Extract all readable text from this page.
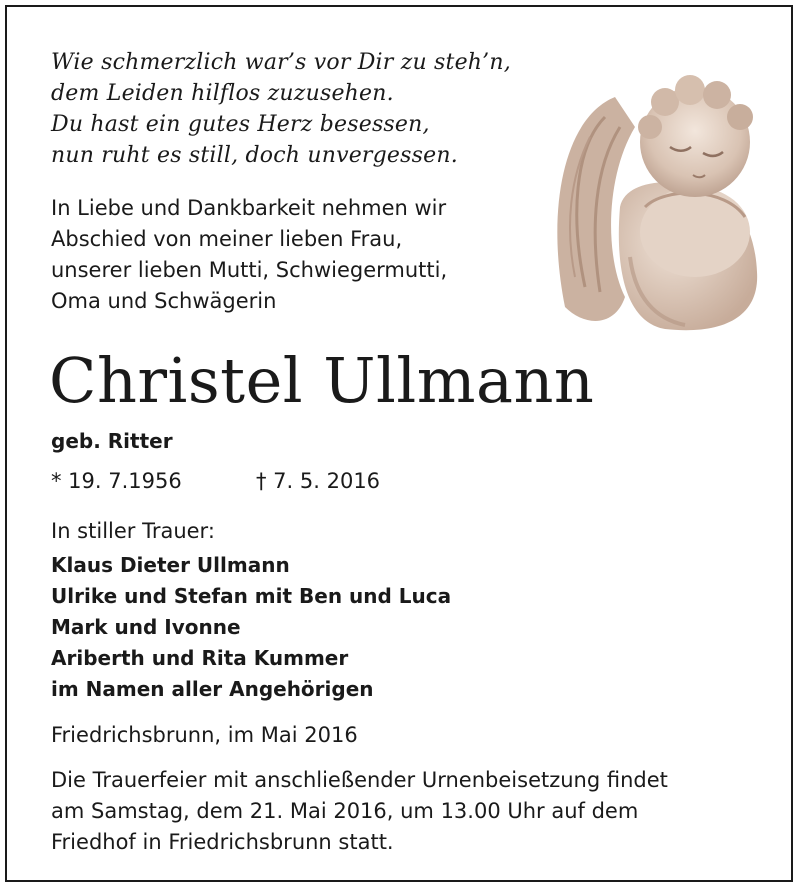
Wie schmerzlich war’s vor Dir zu steh’n,
dem Leiden hilflos zuzusehen.
Du hast ein gutes Herz besessen,
nun ruht es still, doch unvergessen.
In Liebe und Dankbarkeit nehmen wir
Abschied von meiner lieben Frau,
unserer lieben Mutti, Schwiegermutti,
Oma und Schwägerin
Christel Ullmann
geb. Ritter
* 19. 7.1956	† 7. 5. 2016
In stiller Trauer:
Klaus Dieter Ullmann
Ulrike und Stefan mit Ben und Luca
Mark und Ivonne
Ariberth und Rita Kummer
im Namen aller Angehörigen
Friedrichsbrunn, im Mai 2016
Die Trauerfeier mit anschließender Urnenbeisetzung findet
am Samstag, dem 21. Mai 2016, um 13.00 Uhr auf dem
Friedhof in Friedrichsbrunn statt.
